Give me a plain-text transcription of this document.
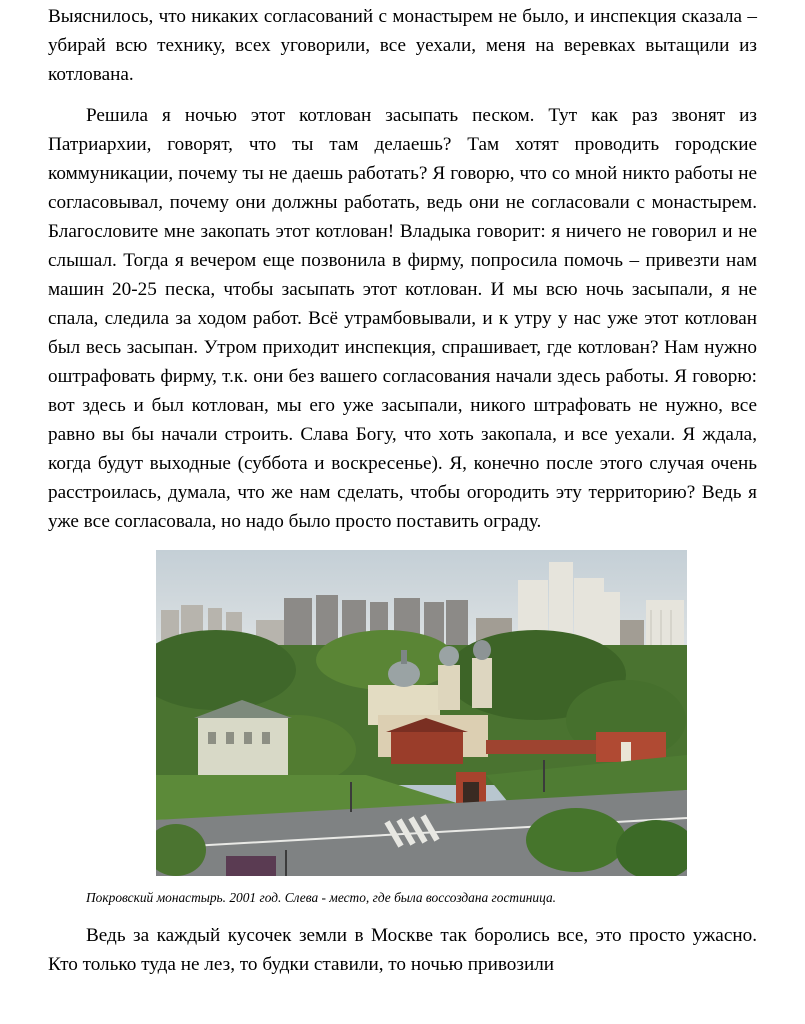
Выяснилось, что никаких согласований с монастырем не было, и инспекция сказала – убирай всю технику, всех уговорили, все уехали, меня на веревках вытащили из котлована.

Решила я ночью этот котлован засыпать песком. Тут как раз звонят из Патриархии, говорят, что ты там делаешь? Там хотят проводить городские коммуникации, почему ты не даешь работать? Я говорю, что со мной никто работы не согласовывал, почему они должны работать, ведь они не согласовали с монастырем. Благословите мне закопать этот котлован! Владыка говорит: я ничего не говорил и не слышал. Тогда я вечером еще позвонила в фирму, попросила помочь – привезти нам машин 20-25 песка, чтобы засыпать этот котлован. И мы всю ночь засыпали, я не спала, следила за ходом работ. Всё утрамбовывали, и к утру у нас уже этот котлован был весь засыпан. Утром приходит инспекция, спрашивает, где котлован? Нам нужно оштрафовать фирму, т.к. они без вашего согласования начали здесь работы. Я говорю: вот здесь и был котлован, мы его уже засыпали, никого штрафовать не нужно, все равно вы бы начали строить. Слава Богу, что хоть закопала, и все уехали. Я ждала, когда будут выходные (суббота и воскресенье). Я, конечно после этого случая очень расстроилась, думала, что же нам сделать, чтобы огородить эту территорию? Ведь я уже все согласовала, но надо было просто поставить ограду.

Покровский монастырь. 2001 год. Слева - место, где была воссоздана гостиница.

Ведь за каждый кусочек земли в Москве так боролись все, это просто ужасно. Кто только туда не лез, то будки ставили, то ночью привозили
